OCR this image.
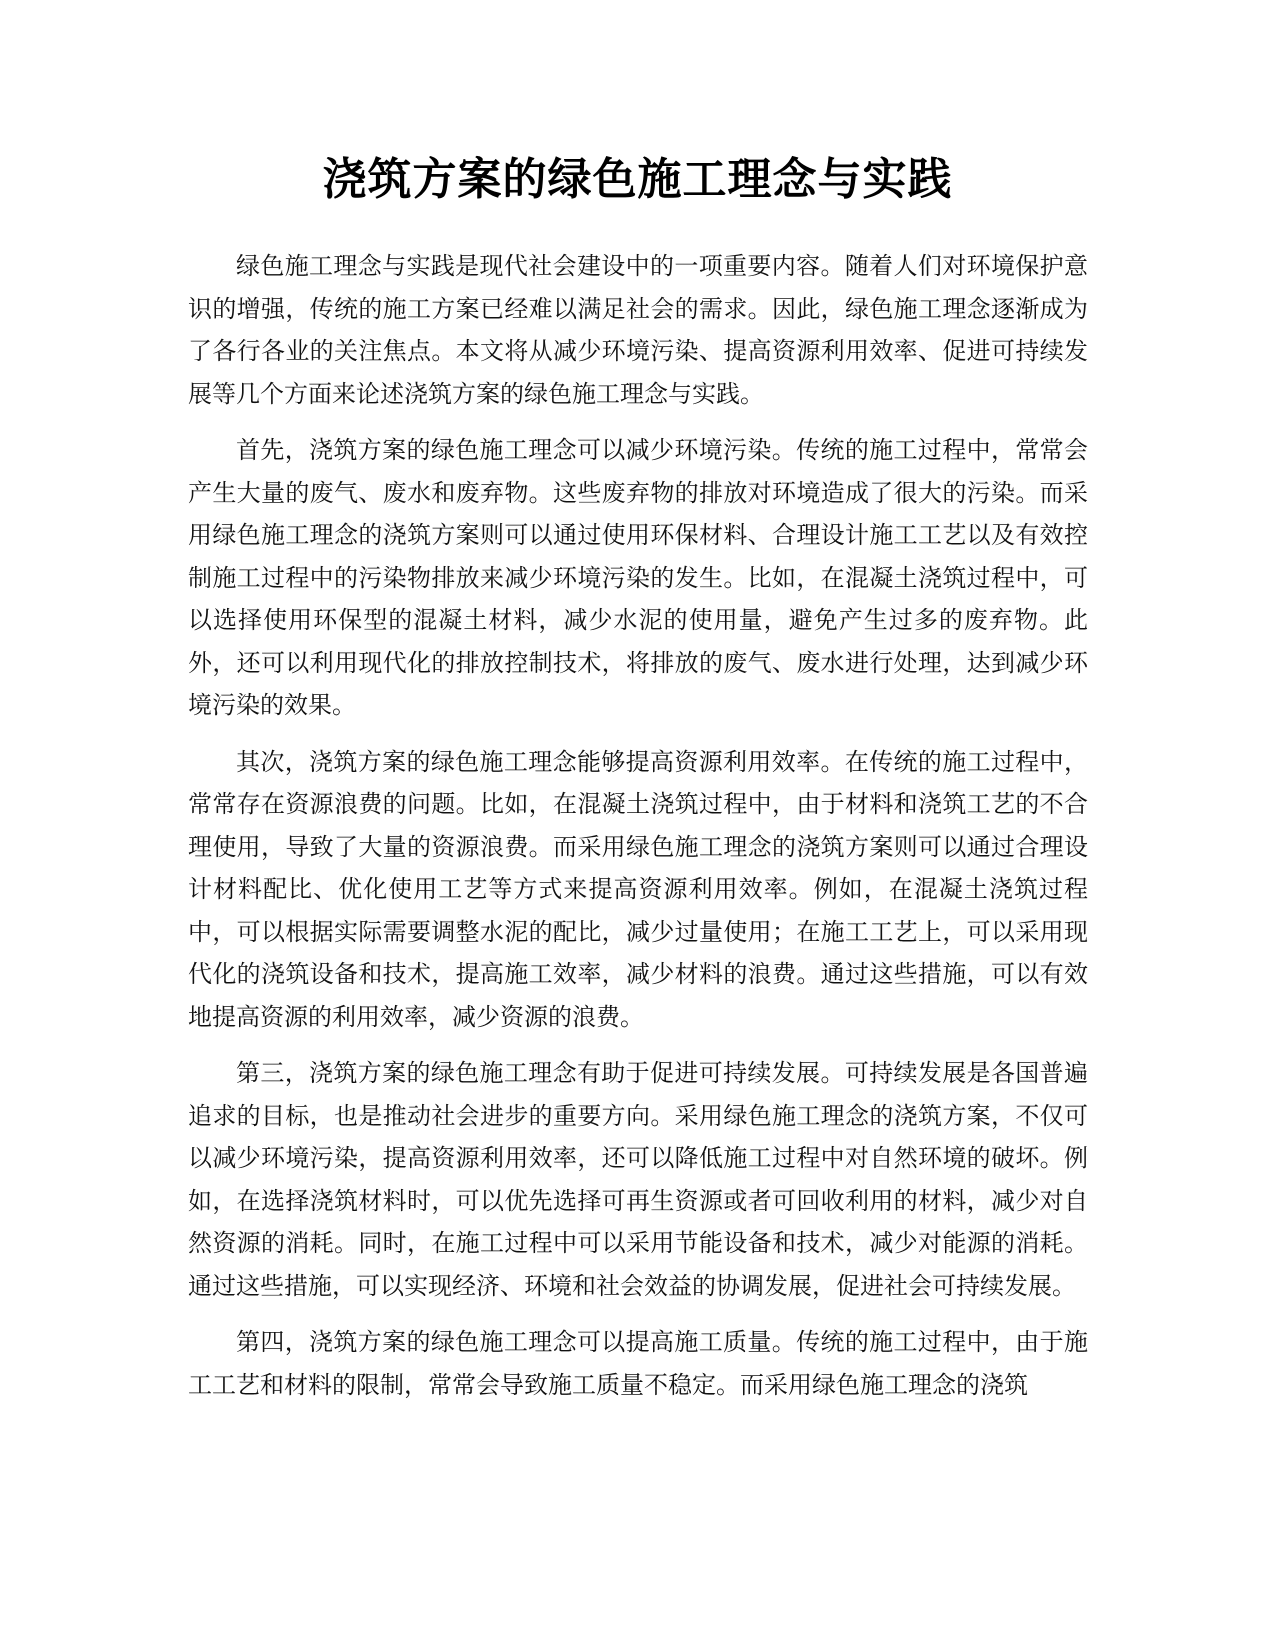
浇筑方案的绿色施工理念与实践

绿色施工理念与实践是现代社会建设中的一项重要内容。随着人们对环境保护意识的增强，传统的施工方案已经难以满足社会的需求。因此，绿色施工理念逐渐成为了各行各业的关注焦点。本文将从减少环境污染、提高资源利用效率、促进可持续发展等几个方面来论述浇筑方案的绿色施工理念与实践。

首先，浇筑方案的绿色施工理念可以减少环境污染。传统的施工过程中，常常会产生大量的废气、废水和废弃物。这些废弃物的排放对环境造成了很大的污染。而采用绿色施工理念的浇筑方案则可以通过使用环保材料、合理设计施工工艺以及有效控制施工过程中的污染物排放来减少环境污染的发生。比如，在混凝土浇筑过程中，可以选择使用环保型的混凝土材料，减少水泥的使用量，避免产生过多的废弃物。此外，还可以利用现代化的排放控制技术，将排放的废气、废水进行处理，达到减少环境污染的效果。

其次，浇筑方案的绿色施工理念能够提高资源利用效率。在传统的施工过程中，常常存在资源浪费的问题。比如，在混凝土浇筑过程中，由于材料和浇筑工艺的不合理使用，导致了大量的资源浪费。而采用绿色施工理念的浇筑方案则可以通过合理设计材料配比、优化使用工艺等方式来提高资源利用效率。例如，在混凝土浇筑过程中，可以根据实际需要调整水泥的配比，减少过量使用；在施工工艺上，可以采用现代化的浇筑设备和技术，提高施工效率，减少材料的浪费。通过这些措施，可以有效地提高资源的利用效率，减少资源的浪费。

第三，浇筑方案的绿色施工理念有助于促进可持续发展。可持续发展是各国普遍追求的目标，也是推动社会进步的重要方向。采用绿色施工理念的浇筑方案，不仅可以减少环境污染，提高资源利用效率，还可以降低施工过程中对自然环境的破坏。例如，在选择浇筑材料时，可以优先选择可再生资源或者可回收利用的材料，减少对自然资源的消耗。同时，在施工过程中可以采用节能设备和技术，减少对能源的消耗。通过这些措施，可以实现经济、环境和社会效益的协调发展，促进社会可持续发展。

第四，浇筑方案的绿色施工理念可以提高施工质量。传统的施工过程中，由于施工工艺和材料的限制，常常会导致施工质量不稳定。而采用绿色施工理念的浇筑
